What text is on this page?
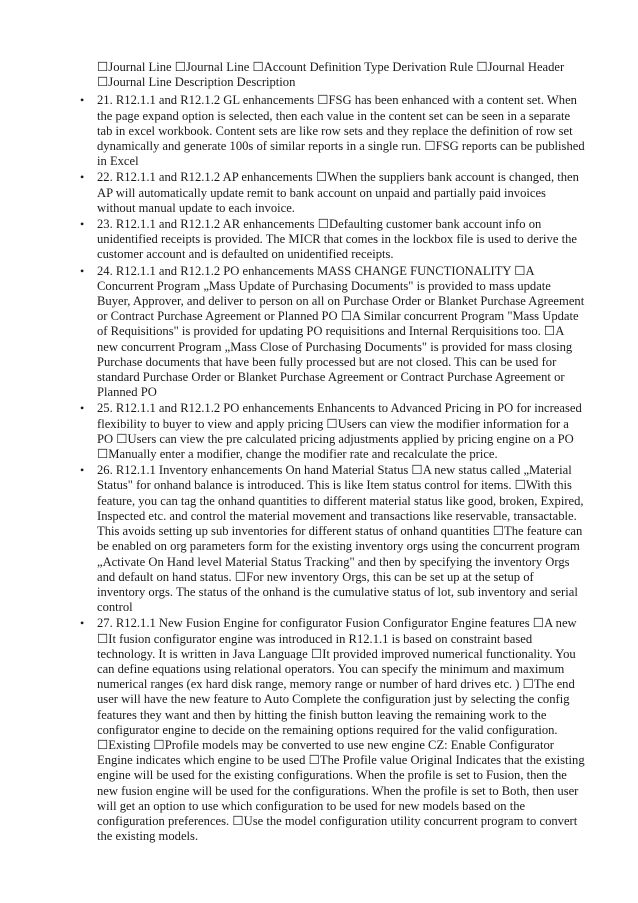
☐Journal Line ☐Journal Line ☐Account Definition Type Derivation Rule ☐Journal Header ☐Journal Line Description Description

• 21. R12.1.1 and R12.1.2 GL enhancements ☐FSG has been enhanced with a content set. When the page expand option is selected, then each value in the content set can be seen in a separate tab in excel workbook. Content sets are like row sets and they replace the definition of row set dynamically and generate 100s of similar reports in a single run. ☐FSG reports can be published in Excel
• 22. R12.1.1 and R12.1.2 AP enhancements ☐When the suppliers bank account is changed, then AP will automatically update remit to bank account on unpaid and partially paid invoices without manual update to each invoice.
• 23. R12.1.1 and R12.1.2 AR enhancements ☐Defaulting customer bank account info on unidentified receipts is provided. The MICR that comes in the lockbox file is used to derive the customer account and is defaulted on unidentified receipts.
• 24. R12.1.1 and R12.1.2 PO enhancements MASS CHANGE FUNCTIONALITY ☐A Concurrent Program „Mass Update of Purchasing Documents" is provided to mass update Buyer, Approver, and deliver to person on all on Purchase Order or Blanket Purchase Agreement or Contract Purchase Agreement or Planned PO ☐A Similar concurrent Program "Mass Update of Requisitions" is provided for updating PO requisitions and Internal Rerquisitions too. ☐A new concurrent Program „Mass Close of Purchasing Documents" is provided for mass closing Purchase documents that have been fully processed but are not closed. This can be used for standard Purchase Order or Blanket Purchase Agreement or Contract Purchase Agreement or Planned PO
• 25. R12.1.1 and R12.1.2 PO enhancements Enhancents to Advanced Pricing in PO for increased flexibility to buyer to view and apply pricing ☐Users can view the modifier information for a PO ☐Users can view the pre calculated pricing adjustments applied by pricing engine on a PO ☐Manually enter a modifier, change the modifier rate and recalculate the price.
• 26. R12.1.1 Inventory enhancements On hand Material Status ☐A new status called „Material Status" for onhand balance is introduced. This is like Item status control for items. ☐With this feature, you can tag the onhand quantities to different material status like good, broken, Expired, Inspected etc. and control the material movement and transactions like reservable, transactable. This avoids setting up sub inventories for different status of onhand quantities ☐The feature can be enabled on org parameters form for the existing inventory orgs using the concurrent program „Activate On Hand level Material Status Tracking" and then by specifying the inventory Orgs and default on hand status. ☐For new inventory Orgs, this can be set up at the setup of inventory orgs. The status of the onhand is the cumulative status of lot, sub inventory and serial control
• 27. R12.1.1 New Fusion Engine for configurator Fusion Configurator Engine features ☐A new ☐It fusion configurator engine was introduced in R12.1.1 is based on constraint based technology. It is written in Java Language ☐It provided improved numerical functionality. You can define equations using relational operators. You can specify the minimum and maximum numerical ranges (ex hard disk range, memory range or number of hard drives etc. ) ☐The end user will have the new feature to Auto Complete the configuration just by selecting the config features they want and then by hitting the finish button leaving the remaining work to the configurator engine to decide on the remaining options required for the valid configuration. ☐Existing ☐Profile models may be converted to use new engine CZ: Enable Configurator Engine indicates which engine to be used ☐The Profile value Original Indicates that the existing engine will be used for the existing configurations. When the profile is set to Fusion, then the new fusion engine will be used for the configurations. When the profile is set to Both, then user will get an option to use which configuration to be used for new models based on the configuration preferences. ☐Use the model configuration utility concurrent program to convert the existing models.
